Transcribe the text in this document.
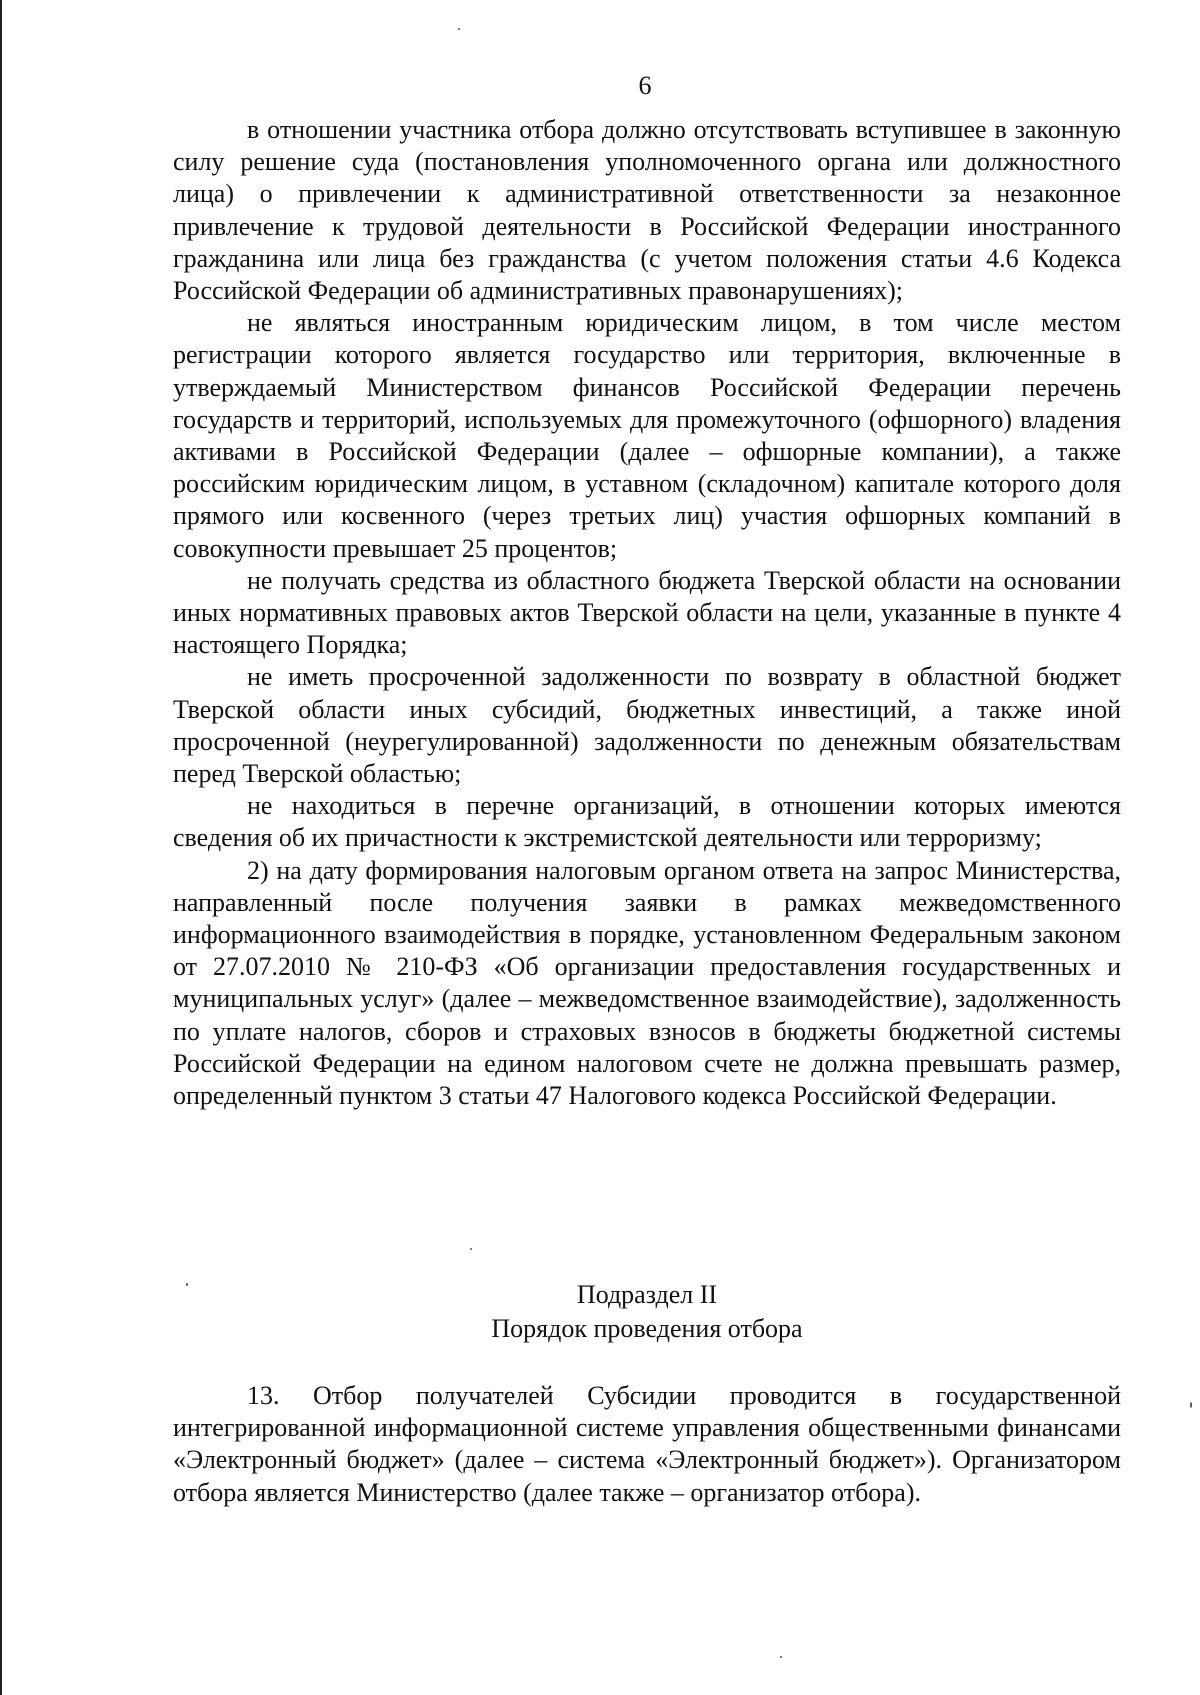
6

в отношении участника отбора должно отсутствовать вступившее в законную силу решение суда (постановления уполномоченного органа или должностного лица) о привлечении к административной ответственности за незаконное привлечение к трудовой деятельности в Российской Федерации иностранного гражданина или лица без гражданства (с учетом положения статьи 4.6 Кодекса Российской Федерации об административных правонарушениях);

не являться иностранным юридическим лицом, в том числе местом регистрации которого является государство или территория, включенные в утверждаемый Министерством финансов Российской Федерации перечень государств и территорий, используемых для промежуточного (офшорного) владения активами в Российской Федерации (далее – офшорные компании), а также российским юридическим лицом, в уставном (складочном) капитале которого доля прямого или косвенного (через третьих лиц) участия офшорных компаний в совокупности превышает 25 процентов;

не получать средства из областного бюджета Тверской области на основании иных нормативных правовых актов Тверской области на цели, указанные в пункте 4 настоящего Порядка;

не иметь просроченной задолженности по возврату в областной бюджет Тверской области иных субсидий, бюджетных инвестиций, а также иной просроченной (неурегулированной) задолженности по денежным обязательствам перед Тверской областью;

не находиться в перечне организаций, в отношении которых имеются сведения об их причастности к экстремистской деятельности или терроризму;

2) на дату формирования налоговым органом ответа на запрос Министерства, направленный после получения заявки в рамках межведомственного информационного взаимодействия в порядке, установленном Федеральным законом от 27.07.2010 № 210-ФЗ «Об организации предоставления государственных и муниципальных услуг» (далее – межведомственное взаимодействие), задолженность по уплате налогов, сборов и страховых взносов в бюджеты бюджетной системы Российской Федерации на едином налоговом счете не должна превышать размер, определенный пунктом 3 статьи 47 Налогового кодекса Российской Федерации.

Подраздел II
Порядок проведения отбора

13. Отбор получателей Субсидии проводится в государственной интегрированной информационной системе управления общественными финансами «Электронный бюджет» (далее – система «Электронный бюджет»). Организатором отбора является Министерство (далее также – организатор отбора).
